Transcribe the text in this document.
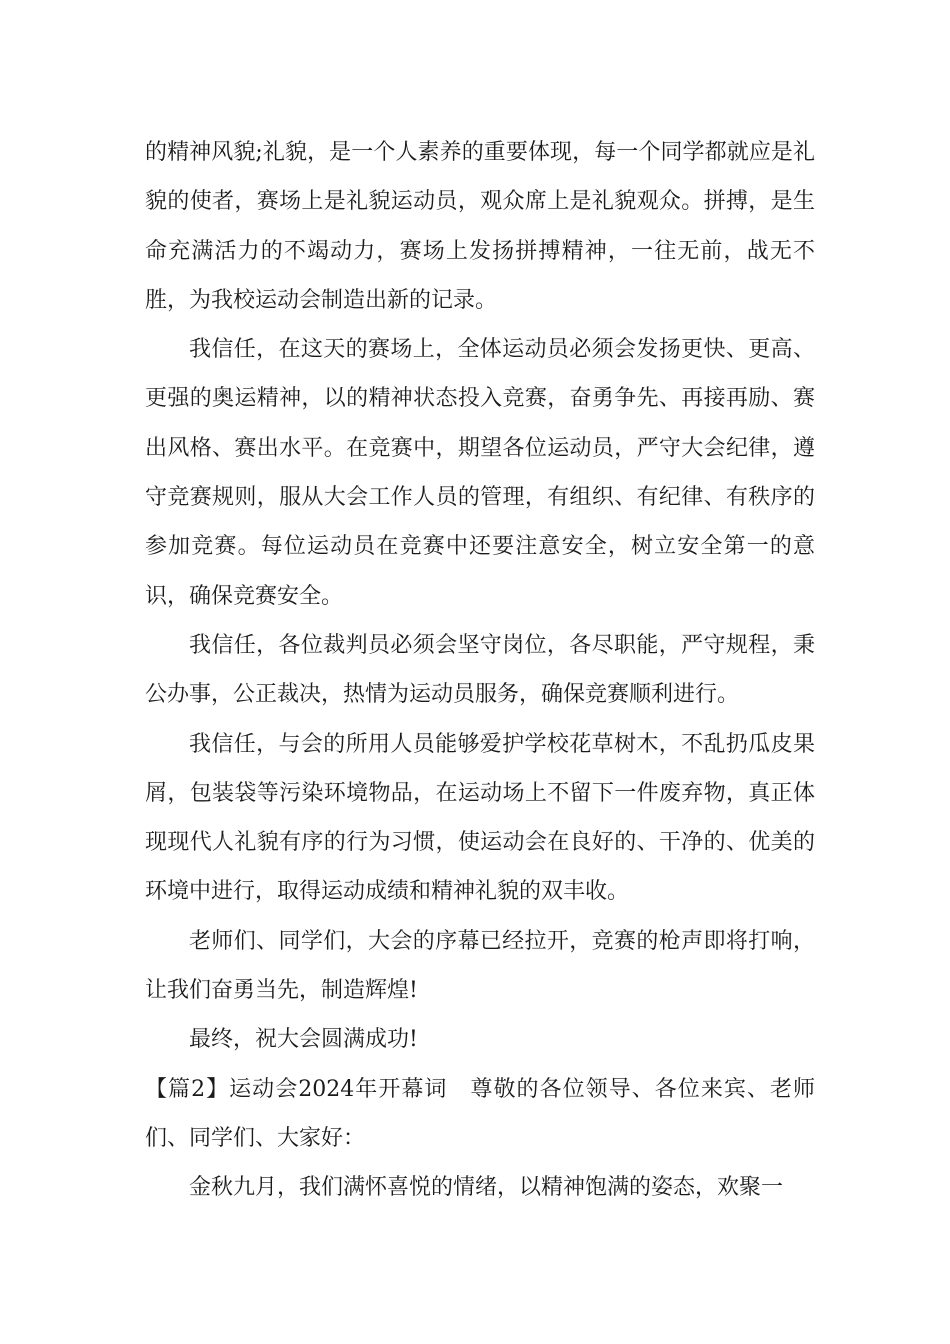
的精神风貌;礼貌，是一个人素养的重要体现，每一个同学都就应是礼貌的使者，赛场上是礼貌运动员，观众席上是礼貌观众。拼搏，是生命充满活力的不竭动力，赛场上发扬拼搏精神，一往无前，战无不胜，为我校运动会制造出新的记录。

我信任，在这天的赛场上，全体运动员必须会发扬更快、更高、更强的奥运精神，以的精神状态投入竞赛，奋勇争先、再接再励、赛出风格、赛出水平。在竞赛中，期望各位运动员，严守大会纪律，遵守竞赛规则，服从大会工作人员的管理，有组织、有纪律、有秩序的参加竞赛。每位运动员在竞赛中还要注意安全，树立安全第一的意识，确保竞赛安全。

我信任，各位裁判员必须会坚守岗位，各尽职能，严守规程，秉公办事，公正裁决，热情为运动员服务，确保竞赛顺利进行。

我信任，与会的所用人员能够爱护学校花草树木，不乱扔瓜皮果屑，包装袋等污染环境物品，在运动场上不留下一件废弃物，真正体现现代人礼貌有序的行为习惯，使运动会在良好的、干净的、优美的环境中进行，取得运动成绩和精神礼貌的双丰收。

老师们、同学们，大会的序幕已经拉开，竞赛的枪声即将打响，让我们奋勇当先，制造辉煌!

最终，祝大会圆满成功!

【篇2】运动会2024年开幕词　尊敬的各位领导、各位来宾、老师们、同学们、大家好：

金秋九月，我们满怀喜悦的情绪，以精神饱满的姿态，欢聚一
